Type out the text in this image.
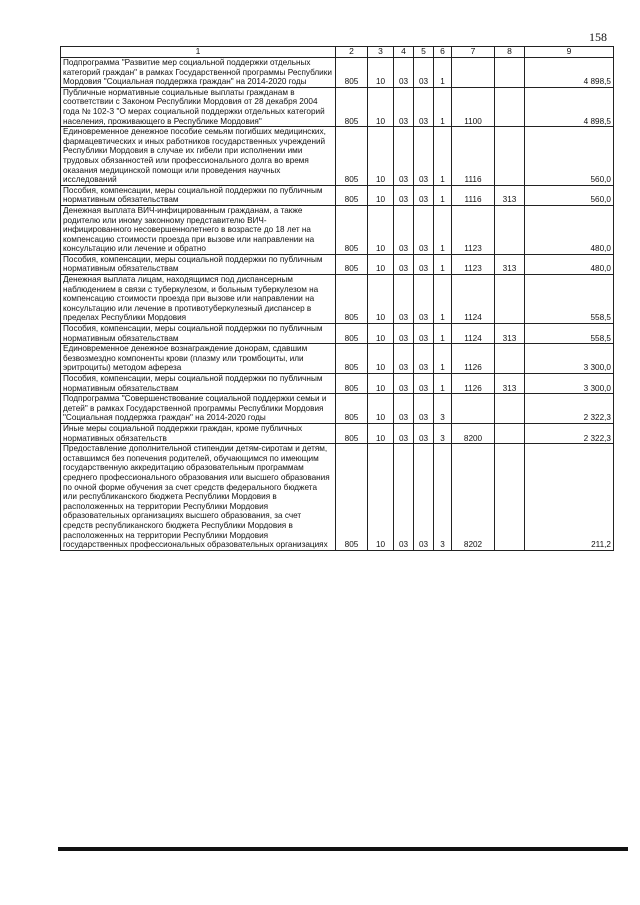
158
1	2	3	4	5	6	7	8	9
Подпрограмма "Развитие мер социальной поддержки отдельных категорий граждан" в рамках Государственной программы Республики Мордовия "Социальная поддержка граждан" на 2014-2020 годы	805	10	03	03	1			4 898,5
Публичные нормативные социальные выплаты гражданам в соответствии с Законом Республики Мордовия от 28 декабря 2004 года № 102-З "О мерах социальной поддержки отдельных категорий населения, проживающего в Республике Мордовия"	805	10	03	03	1	1100		4 898,5
Единовременное денежное пособие семьям погибших медицинских, фармацевтических и иных работников государственных учреждений Республики Мордовия в случае их гибели при исполнении ими трудовых обязанностей или профессионального долга во время оказания медицинской помощи или проведения научных исследований	805	10	03	03	1	1116		560,0
Пособия, компенсации, меры социальной поддержки по публичным нормативным обязательствам	805	10	03	03	1	1116	313	560,0
Денежная выплата ВИЧ-инфицированным гражданам, а также родителю или иному законному представителю ВИЧ-инфицированного несовершеннолетнего в возрасте до 18 лет на компенсацию стоимости проезда при вызове или направлении на консультацию или лечение и обратно	805	10	03	03	1	1123		480,0
Пособия, компенсации, меры социальной поддержки по публичным нормативным обязательствам	805	10	03	03	1	1123	313	480,0
Денежная выплата лицам, находящимся под диспансерным наблюдением в связи с туберкулезом, и больным туберкулезом на компенсацию стоимости проезда при вызове или направлении на консультацию или лечение в противотуберкулезный диспансер в пределах Республики Мордовия	805	10	03	03	1	1124		558,5
Пособия, компенсации, меры социальной поддержки по публичным нормативным обязательствам	805	10	03	03	1	1124	313	558,5
Единовременное денежное вознаграждение донорам, сдавшим безвозмездно компоненты крови (плазму или тромбоциты, или эритроциты) методом афереза	805	10	03	03	1	1126		3 300,0
Пособия, компенсации, меры социальной поддержки по публичным нормативным обязательствам	805	10	03	03	1	1126	313	3 300,0
Подпрограмма "Совершенствование социальной поддержки семьи и детей" в рамках Государственной программы Республики Мордовия "Социальная поддержка граждан" на 2014-2020 годы	805	10	03	03	3			2 322,3
Иные меры социальной поддержки граждан, кроме публичных нормативных обязательств	805	10	03	03	3	8200		2 322,3
Предоставление дополнительной стипендии детям-сиротам и детям, оставшимся без попечения родителей, обучающимся по имеющим государственную аккредитацию образовательным программам среднего профессионального образования или высшего образования по очной форме обучения за счет средств федерального бюджета или республиканского бюджета Республики Мордовия в расположенных на территории Республики Мордовия образовательных организациях высшего образования, за счет средств республиканского бюджета Республики Мордовия в расположенных на территории Республики Мордовия государственных профессиональных образовательных организациях	805	10	03	03	3	8202		211,2
